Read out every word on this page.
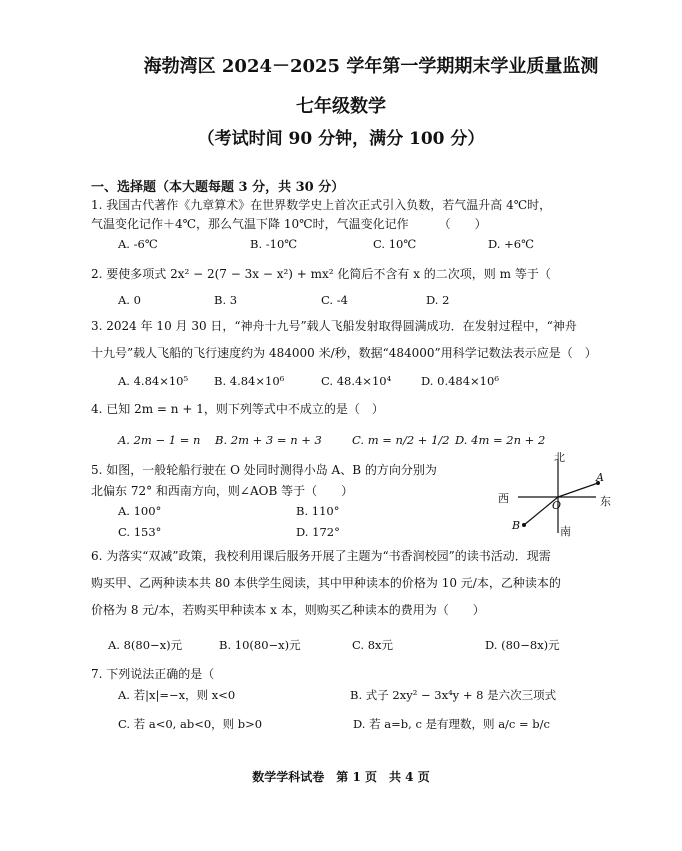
海勃湾区 2024－2025 学年第一学期期末学业质量监测
七年级数学
（考试时间 90 分钟，满分 100 分）
一、选择题（本大题每题 3 分，共 30 分）
1. 我国古代著作《九章算术》在世界数学史上首次正式引入负数，若气温升高 4℃时，
气温变化记作＋4℃，那么气温下降 10℃时，气温变化记作　　　（　　）
A. -6℃	B. -10℃	C. 10℃	D. +6℃
2. 要使多项式 2x² − 2(7 − 3x − x²) + mx² 化简后不含有 x 的二次项，则 m 等于（
A. 0	B. 3	C. -4	D. 2
3. 2024 年 10 月 30 日，“神舟十九号”载人飞船发射取得圆满成功．在发射过程中，“神舟
十九号”载人飞船的飞行速度约为 484000 米/秒，数据“484000”用科学记数法表示应是（　）
A. 4.84×10⁵ B. 4.84×10⁶	C. 48.4×10⁴	D. 0.484×10⁶
4. 已知 2m = n + 1，则下列等式中不成立的是（　）
A. 2m − 1 = n B. 2m + 3 = n + 3	C. m = n/2 + 1/2 D. 4m = 2n + 2
5. 如图，一般轮船行驶在 O 处同时测得小岛 A、B 的方向分别为
北偏东 72° 和西南方向，则∠AOB 等于（　　）
A. 100°	B. 110°
C. 153°	D. 172°
北
西	东
南
A
B
O
6. 为落实“双减”政策，我校利用课后服务开展了主题为“书香润校园”的读书活动．现需
购买甲、乙两种读本共 80 本供学生阅读，其中甲种读本的价格为 10 元/本，乙种读本的
价格为 8 元/本，若购买甲种读本 x 本，则购买乙种读本的费用为（　　）
A. 8(80−x)元	B. 10(80−x)元	C. 8x元	D. (80−8x)元
7. 下列说法正确的是（
A. 若|x|=−x，则 x<0	B. 式子 2xy² − 3x⁴y + 8 是六次三项式
C. 若 a<0, ab<0，则 b>0	D. 若 a=b, c 是有理数，则 a/c = b/c
数学学科试卷　第 1 页　共 4 页
